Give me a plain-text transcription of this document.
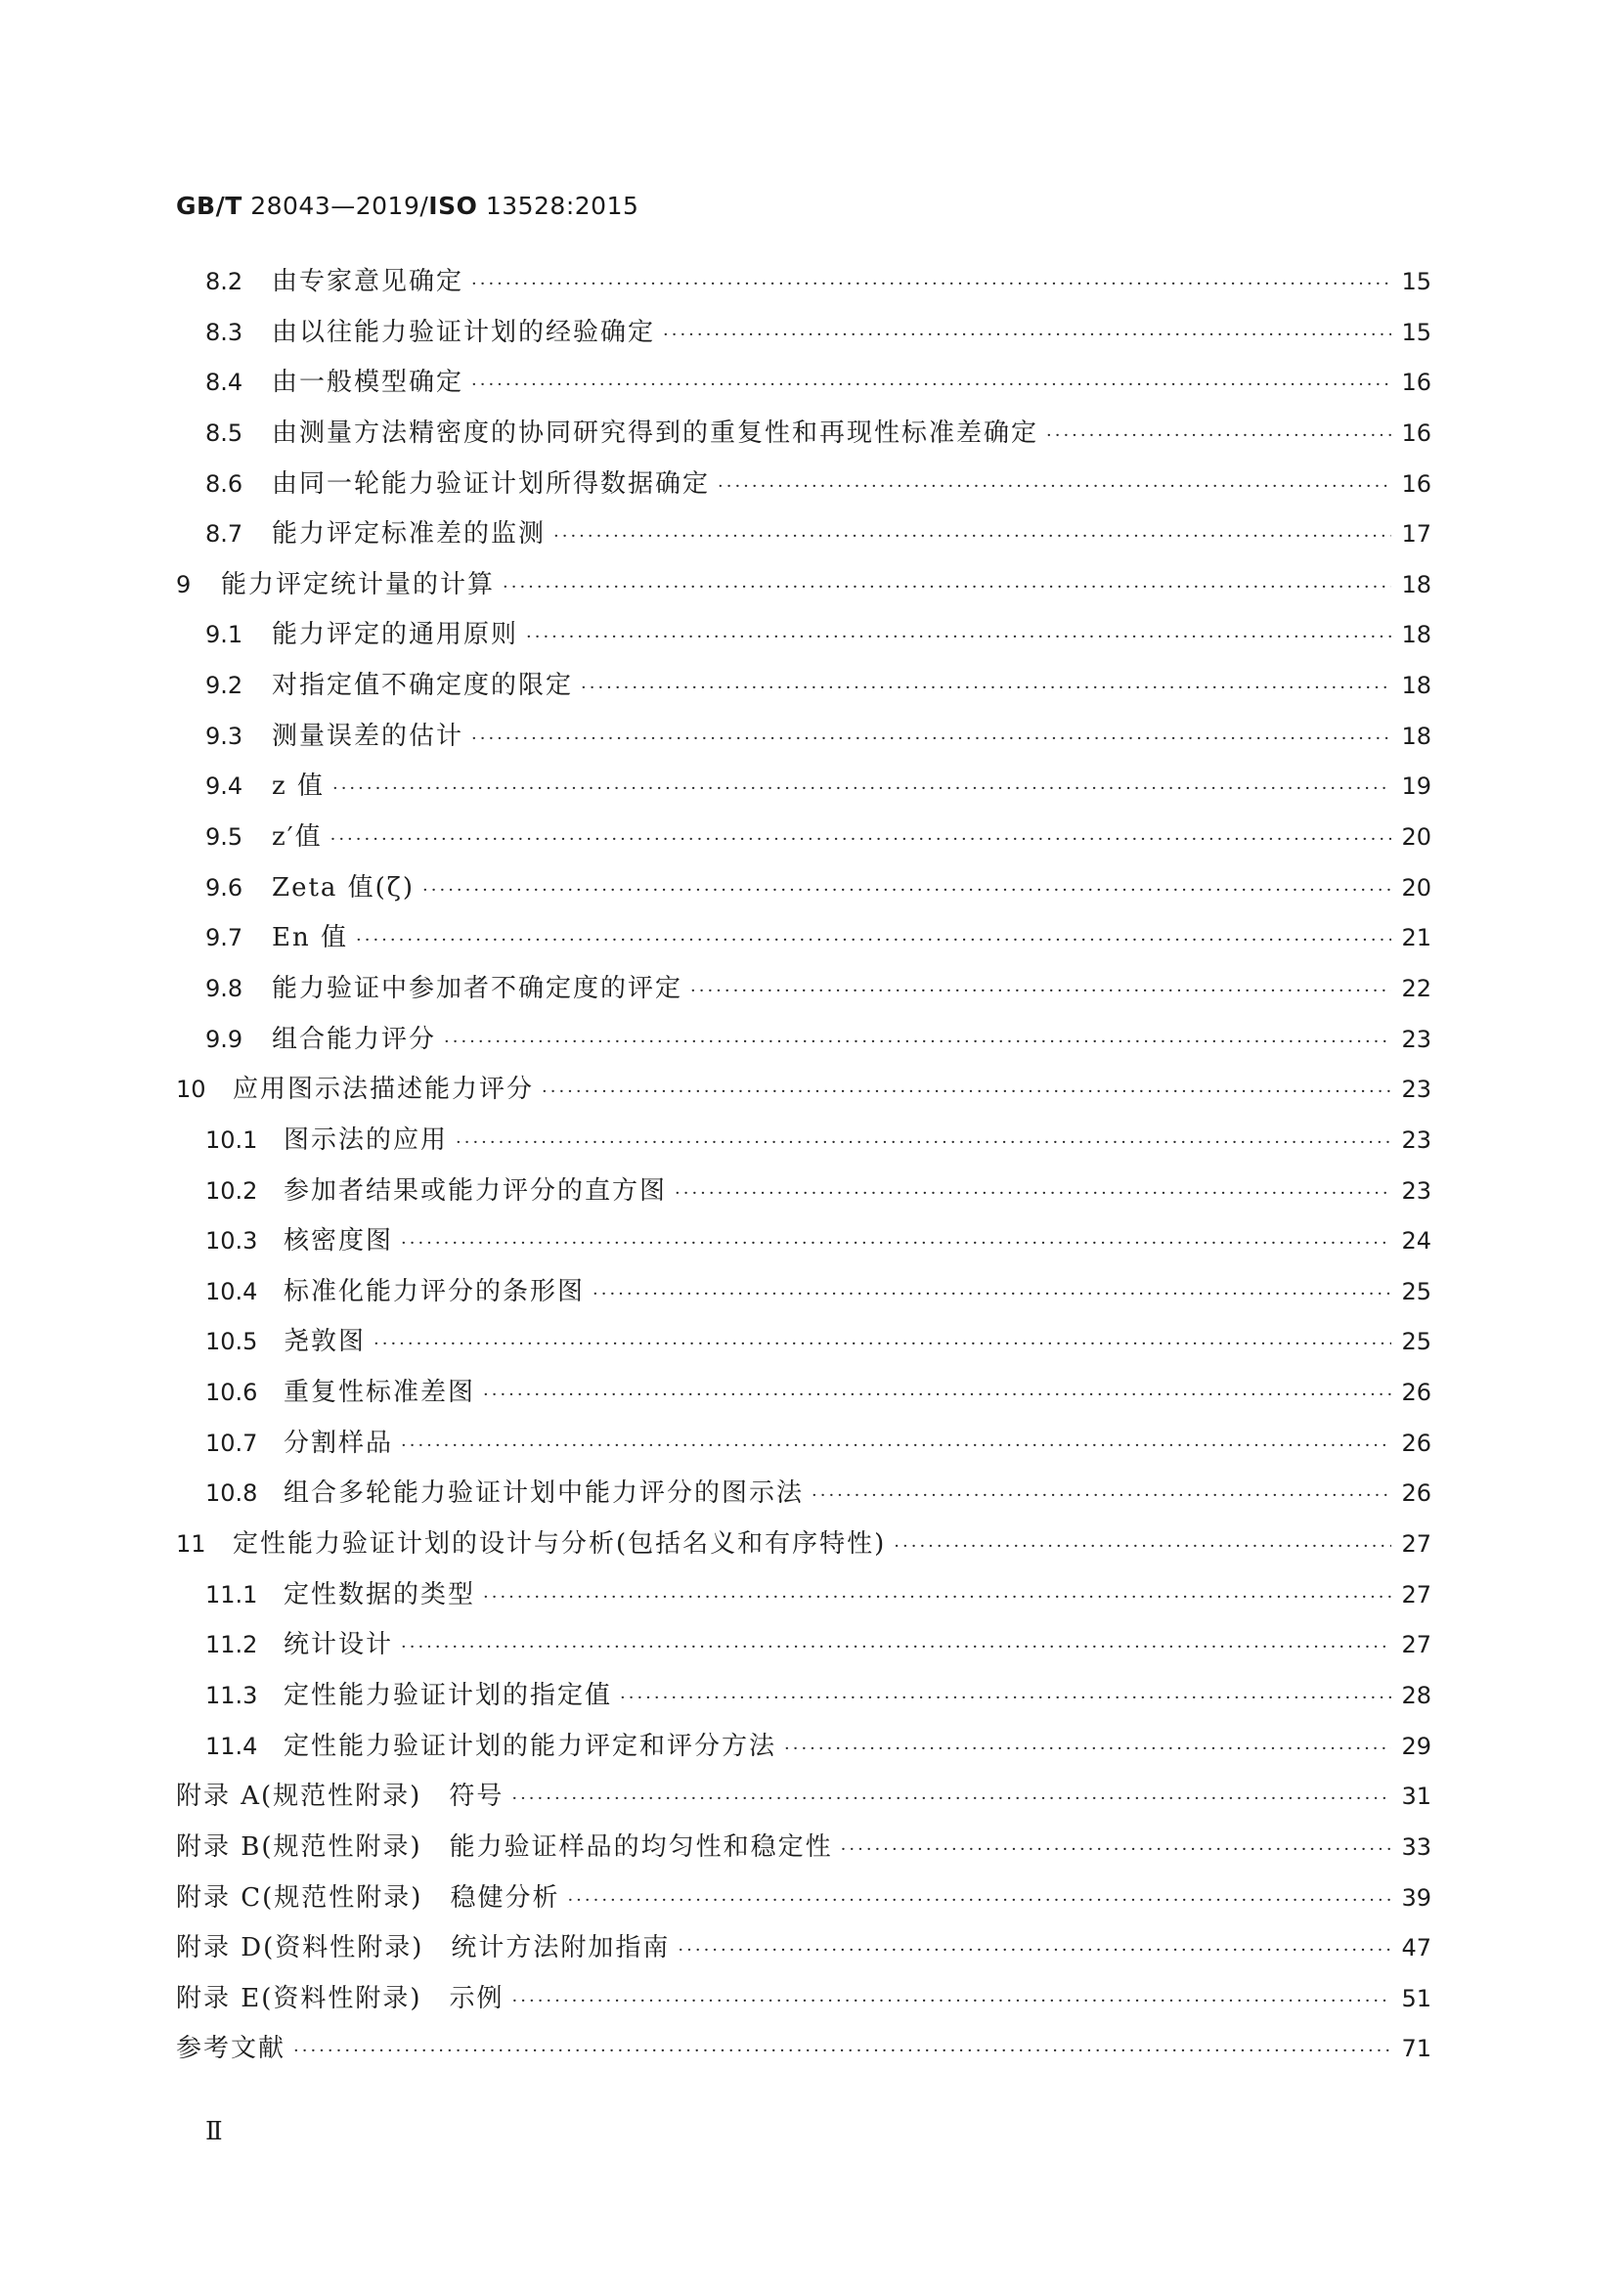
GB/T 28043—2019/ISO 13528:2015
8.2 由专家意见确定 ·····	15
8.3 由以往能力验证计划的经验确定 ·····	15
8.4 由一般模型确定 ·····	16
8.5 由测量方法精密度的协同研究得到的重复性和再现性标准差确定 ·····	16
8.6 由同一轮能力验证计划所得数据确定 ·····	16
8.7 能力评定标准差的监测 ·····	17
9 能力评定统计量的计算 ·····	18
9.1 能力评定的通用原则 ·····	18
9.2 对指定值不确定度的限定 ·····	18
9.3 测量误差的估计 ·····	18
9.4 z 值 ·····	19
9.5 z′值 ·····	20
9.6 Zeta 值(ζ) ·····	20
9.7 En 值 ·····	21
9.8 能力验证中参加者不确定度的评定 ·····	22
9.9 组合能力评分 ·····	23
10 应用图示法描述能力评分 ·····	23
10.1 图示法的应用 ·····	23
10.2 参加者结果或能力评分的直方图 ·····	23
10.3 核密度图 ·····	24
10.4 标准化能力评分的条形图 ·····	25
10.5 尧敦图 ·····	25
10.6 重复性标准差图 ·····	26
10.7 分割样品 ·····	26
10.8 组合多轮能力验证计划中能力评分的图示法 ·····	26
11 定性能力验证计划的设计与分析(包括名义和有序特性) ·····	27
11.1 定性数据的类型 ·····	27
11.2 统计设计 ·····	27
11.3 定性能力验证计划的指定值 ·····	28
11.4 定性能力验证计划的能力评定和评分方法 ·····	29
附录 A(规范性附录)　符号 ·····	31
附录 B(规范性附录)　能力验证样品的均匀性和稳定性 ·····	33
附录 C(规范性附录)　稳健分析 ·····	39
附录 D(资料性附录)　统计方法附加指南 ·····	47
附录 E(资料性附录)　示例 ·····	51
参考文献 ·····	71
Ⅱ
